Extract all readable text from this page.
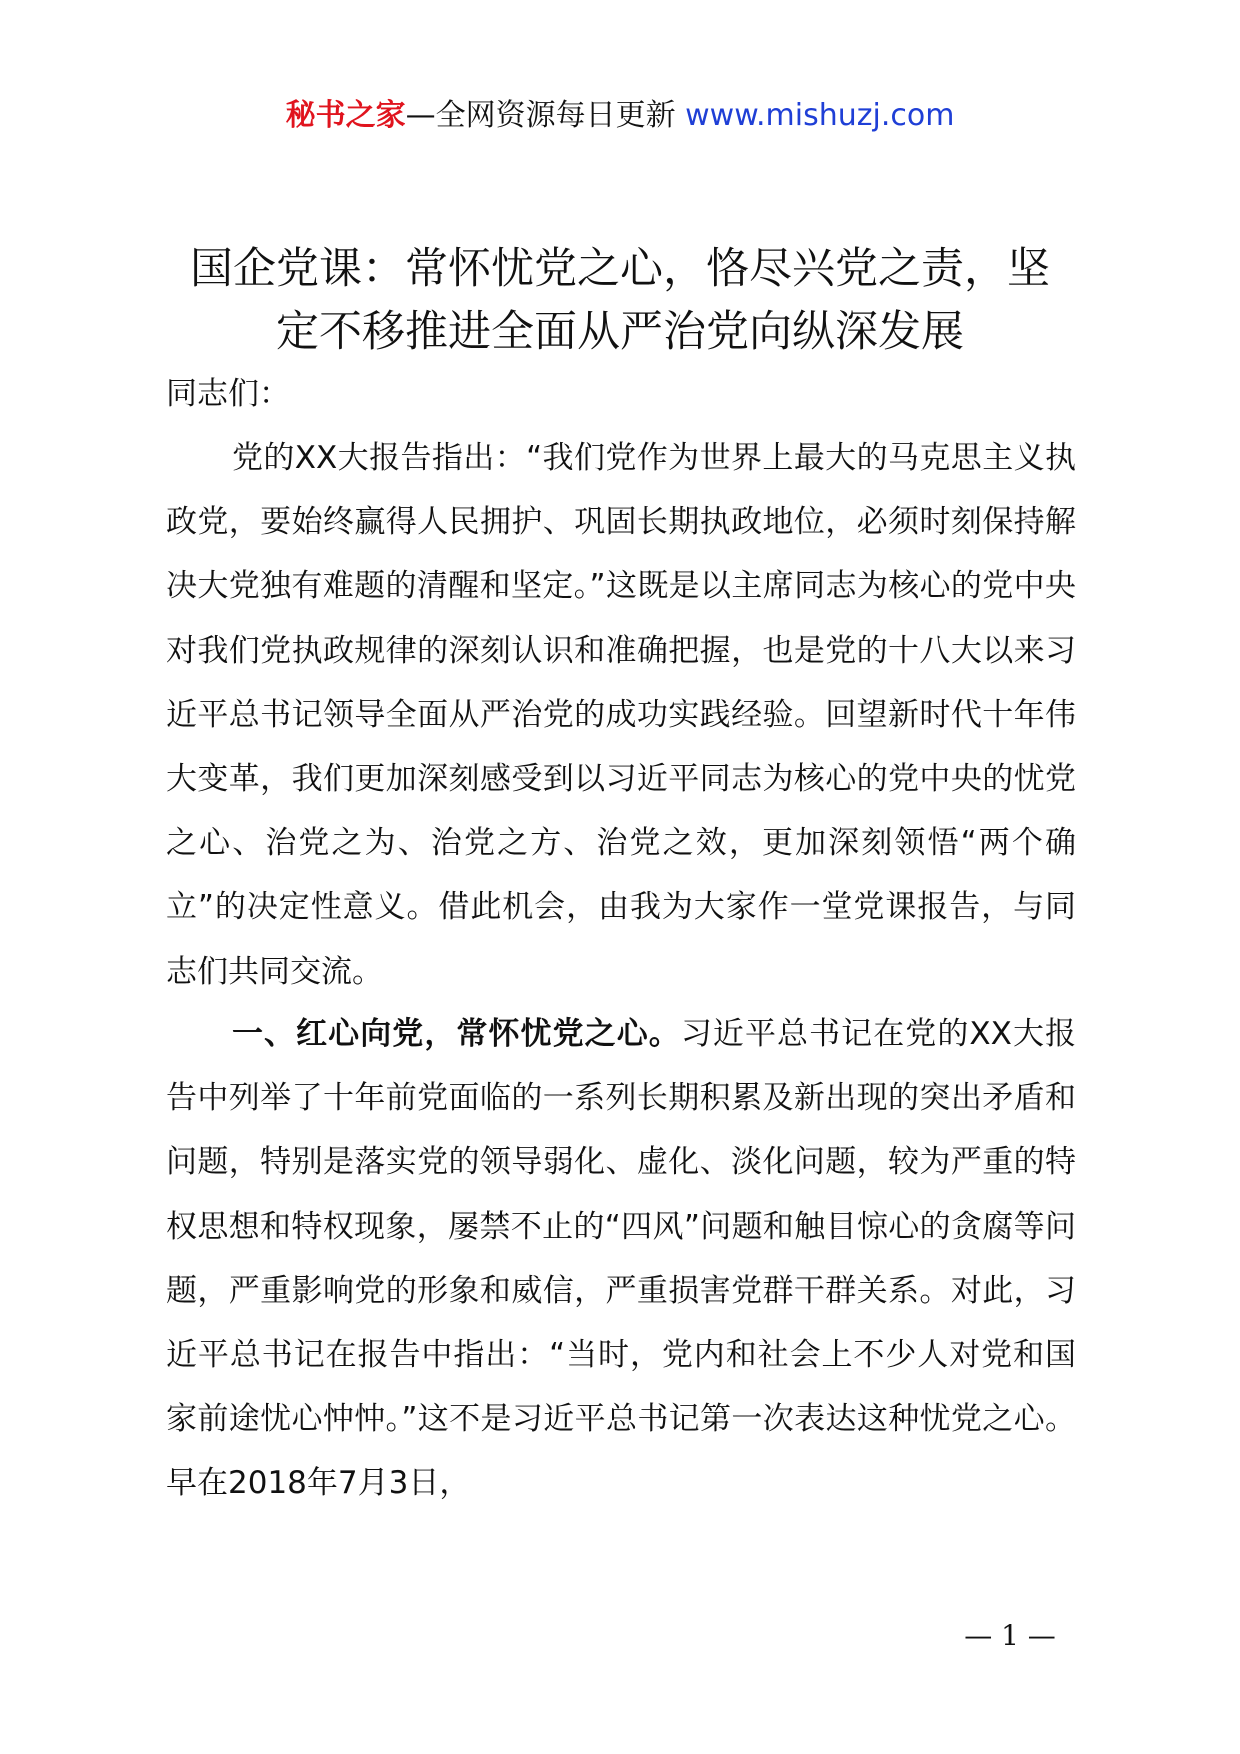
秘书之家—全网资源每日更新 www.mishuzj.com
国企党课：常怀忧党之心，恪尽兴党之责，坚
定不移推进全面从严治党向纵深发展

同志们：

党的XX大报告指出：“我们党作为世界上最大的马克思主义执政党，要始终赢得人民拥护、巩固长期执政地位，必须时刻保持解决大党独有难题的清醒和坚定。”这既是以主席同志为核心的党中央对我们党执政规律的深刻认识和准确把握，也是党的十八大以来习近平总书记领导全面从严治党的成功实践经验。回望新时代十年伟大变革，我们更加深刻感受到以习近平同志为核心的党中央的忧党之心、治党之为、治党之方、治党之效，更加深刻领悟“两个确立”的决定性意义。借此机会，由我为大家作一堂党课报告，与同志们共同交流。

一、红心向党，常怀忧党之心。习近平总书记在党的XX大报告中列举了十年前党面临的一系列长期积累及新出现的突出矛盾和问题，特别是落实党的领导弱化、虚化、淡化问题，较为严重的特权思想和特权现象，屡禁不止的“四风”问题和触目惊心的贪腐等问题，严重影响党的形象和威信，严重损害党群干群关系。对此，习近平总书记在报告中指出：“当时，党内和社会上不少人对党和国家前途忧心忡忡。”这不是习近平总书记第一次表达这种忧党之心。早在2018年7月3日，

— 1 —
